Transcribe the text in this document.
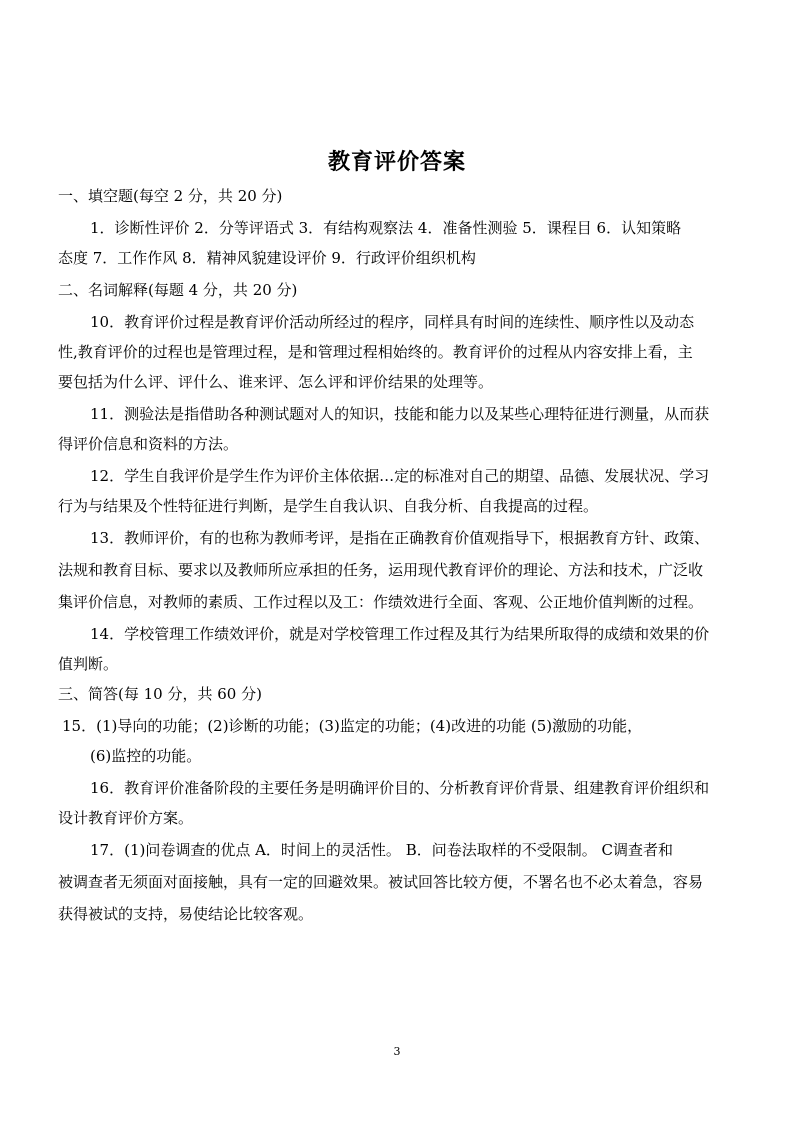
教育评价答案
一、填空题(每空 2 分，共 20 分)
1．诊断性评价 2．分等评语式 3．有结构观察法 4．准备性测验 5．课程目 6．认知策略
态度 7．工作作风 8．精神风貌建设评价 9．行政评价组织机构
二、名词解释(每题 4 分，共 20 分)
10．教育评价过程是教育评价活动所经过的程序，同样具有时间的连续性、顺序性以及动态
性,教育评价的过程也是管理过程，是和管理过程相始终的。教育评价的过程从内容安排上看，主
要包括为什么评、评什么、谁来评、怎么评和评价结果的处理等。
11．测验法是指借助各种测试题对人的知识，技能和能力以及某些心理特征进行测量，从而获
得评价信息和资料的方法。
12．学生自我评价是学生作为评价主体依据…定的标准对自己的期望、品德、发展状况、学习
行为与结果及个性特征进行判断，是学生自我认识、自我分析、自我提高的过程。
13．教师评价，有的也称为教师考评，是指在正确教育价值观指导下，根据教育方针、政策、
法规和教育目标、要求以及教师所应承担的任务，运用现代教育评价的理论、方法和技术，广泛收
集评价信息，对教师的素质、工作过程以及工：作绩效进行全面、客观、公正地价值判断的过程。
14．学校管理工作绩效评价，就是对学校管理工作过程及其行为结果所取得的成绩和效果的价
值判断。
三、简答(每 10 分，共 60 分)
15．(1)导向的功能；(2)诊断的功能；(3)监定的功能；(4)改进的功能 (5)激励的功能，
(6)监控的功能。
16．教育评价准备阶段的主要任务是明确评价目的、分析教育评价背景、组建教育评价组织和
设计教育评价方案。
17．(1)问卷调查的优点 A．时间上的灵活性。 B．问卷法取样的不受限制。 C调查者和
被调查者无须面对面接触，具有一定的回避效果。被试回答比较方便，不署名也不必太着急，容易
获得被试的支持，易使结论比较客观。
3
